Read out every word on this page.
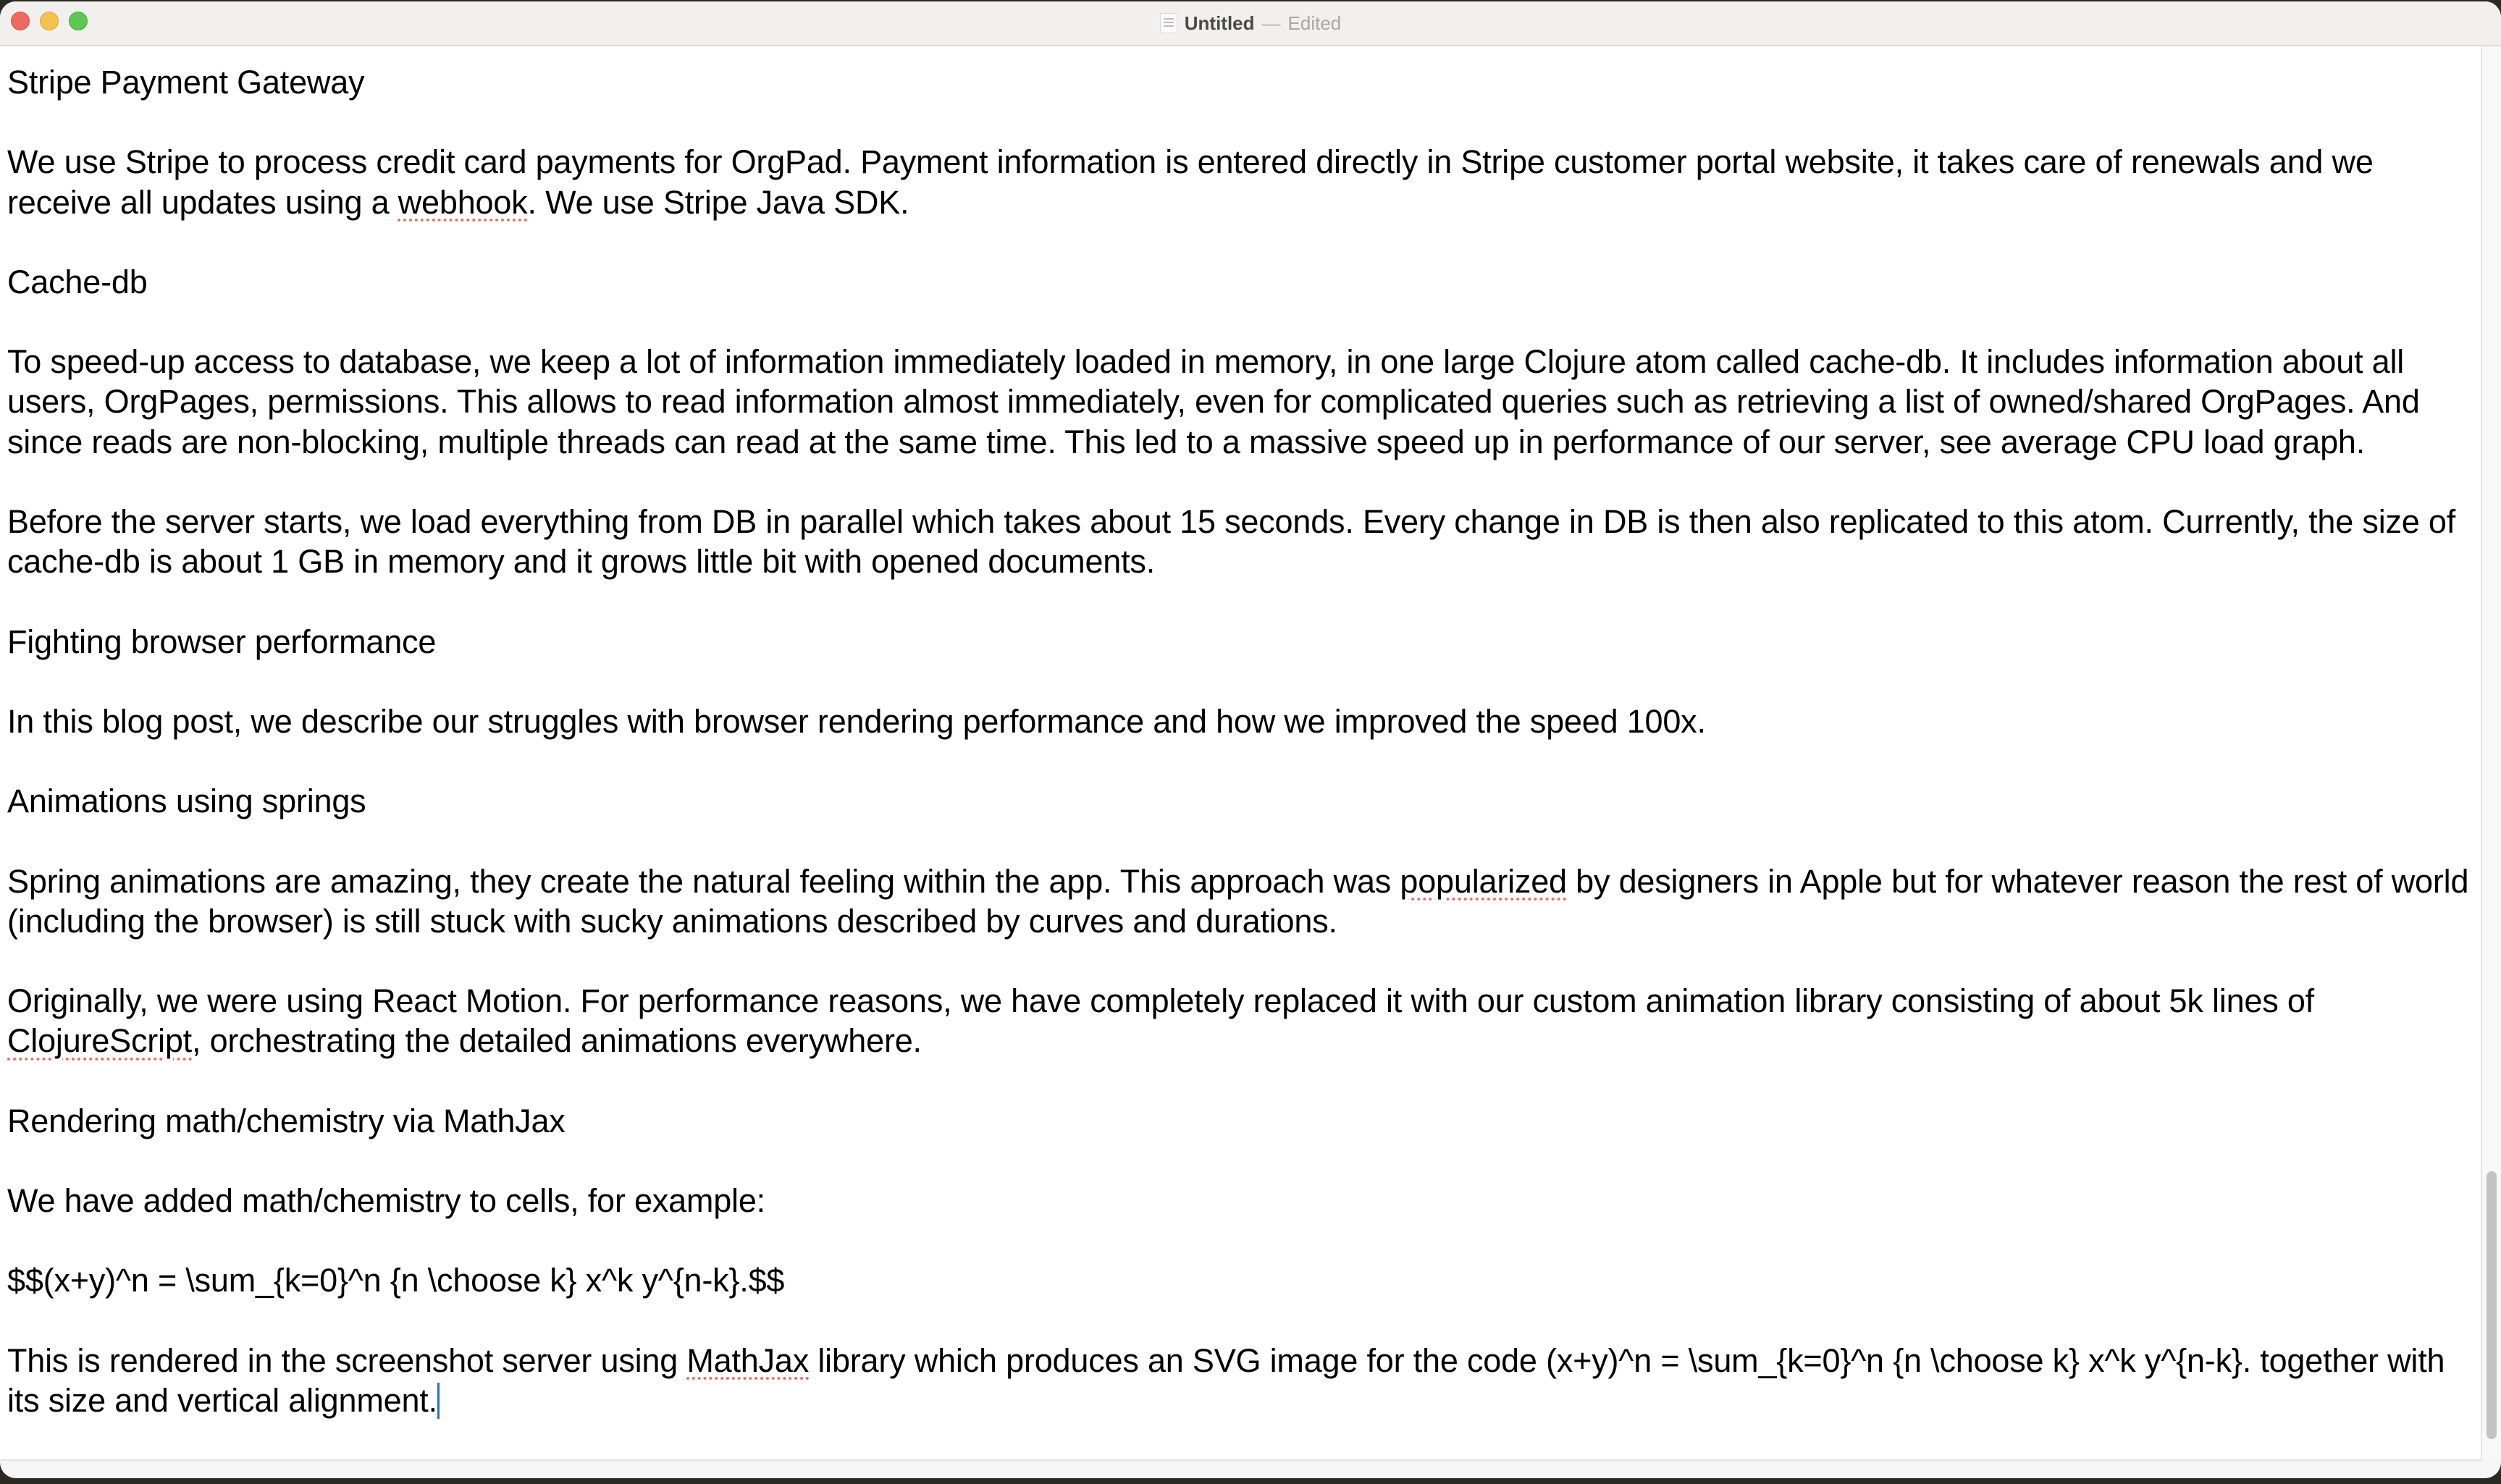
Untitled — Edited
Stripe Payment Gateway
We use Stripe to process credit card payments for OrgPad. Payment information is entered directly in Stripe customer portal website, it takes care of renewals and we receive all updates using a webhook. We use Stripe Java SDK.
Cache-db
To speed-up access to database, we keep a lot of information immediately loaded in memory, in one large Clojure atom called cache-db. It includes information about all users, OrgPages, permissions. This allows to read information almost immediately, even for complicated queries such as retrieving a list of owned/shared OrgPages. And since reads are non-blocking, multiple threads can read at the same time. This led to a massive speed up in performance of our server, see average CPU load graph.
Before the server starts, we load everything from DB in parallel which takes about 15 seconds. Every change in DB is then also replicated to this atom. Currently, the size of cache-db is about 1 GB in memory and it grows little bit with opened documents.
Fighting browser performance
In this blog post, we describe our struggles with browser rendering performance and how we improved the speed 100x.
Animations using springs
Spring animations are amazing, they create the natural feeling within the app. This approach was popularized by designers in Apple but for whatever reason the rest of world (including the browser) is still stuck with sucky animations described by curves and durations.
Originally, we were using React Motion. For performance reasons, we have completely replaced it with our custom animation library consisting of about 5k lines of ClojureScript, orchestrating the detailed animations everywhere.
Rendering math/chemistry via MathJax
We have added math/chemistry to cells, for example:
$$(x+y)^n = \sum_{k=0}^n {n \choose k} x^k y^{n-k}.$$
This is rendered in the screenshot server using MathJax library which produces an SVG image for the code (x+y)^n = \sum_{k=0}^n {n \choose k} x^k y^{n-k}. together with its size and vertical alignment.
